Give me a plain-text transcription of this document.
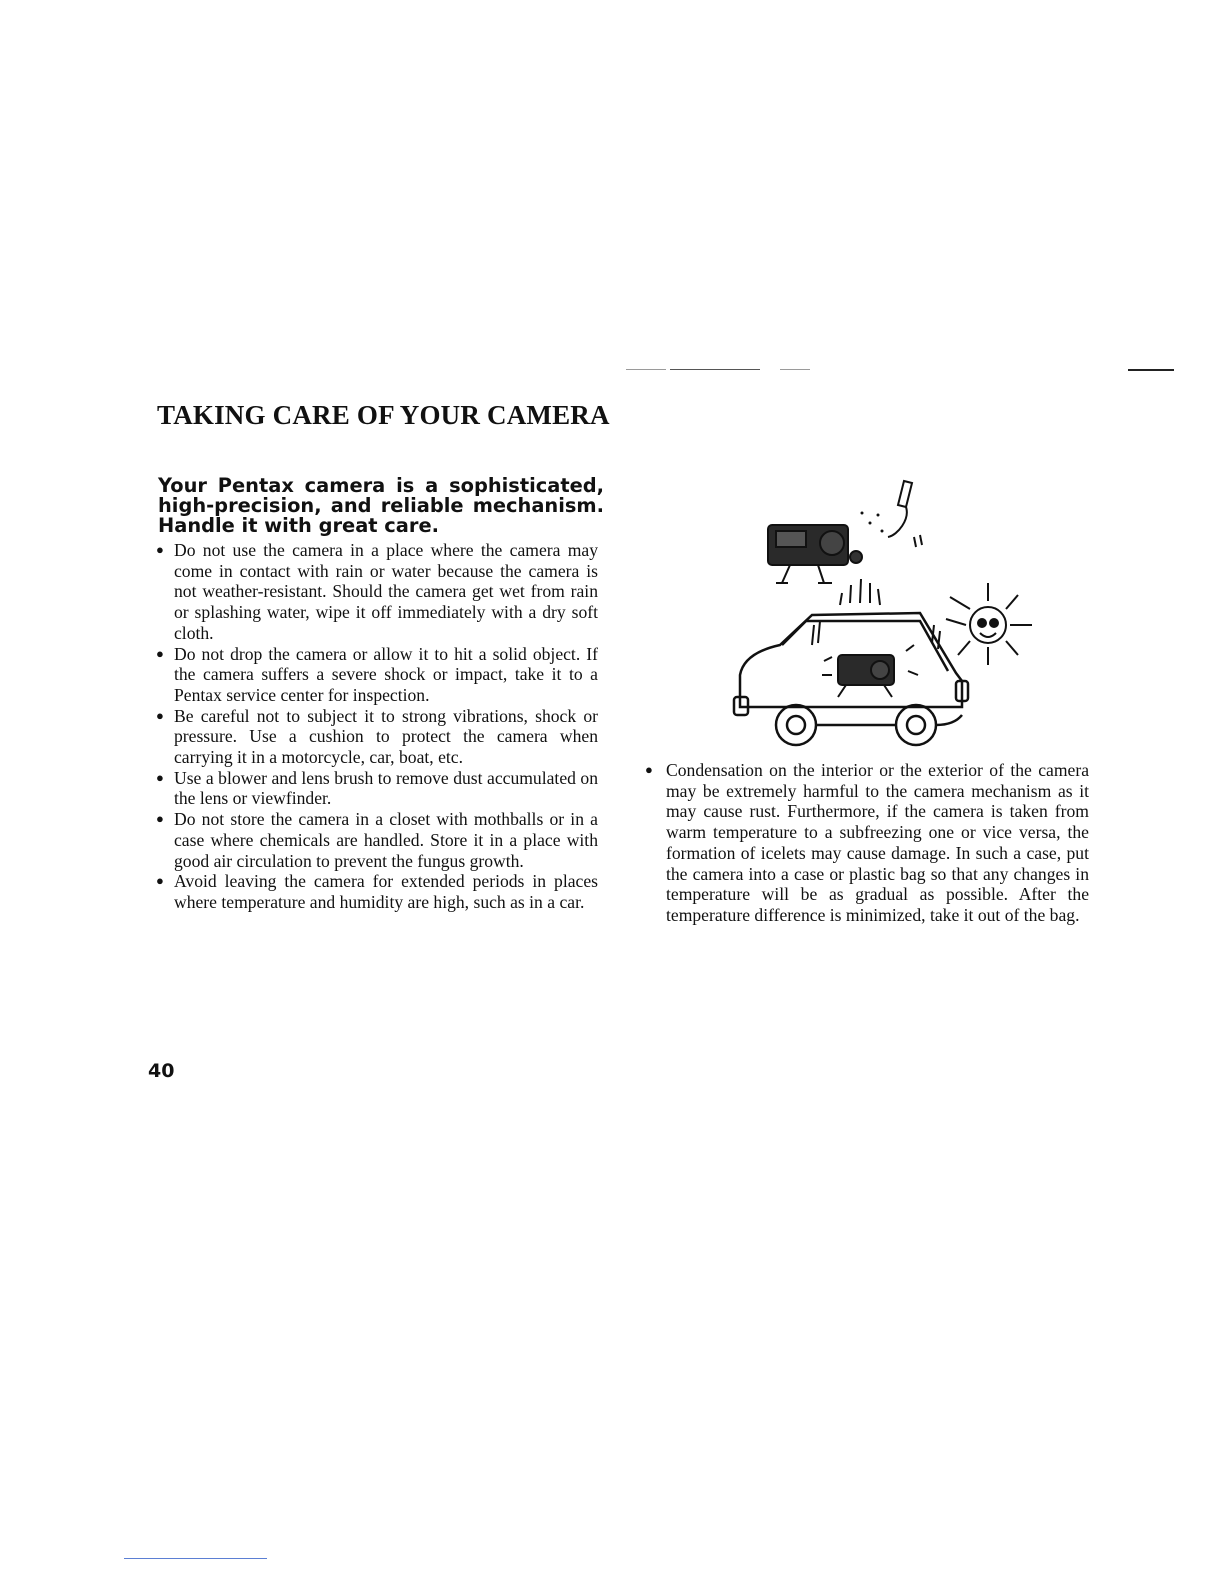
TAKING CARE OF YOUR CAMERA

Your Pentax camera is a sophisticated,
high-precision, and reliable mechanism.
Handle it with great care.

● Do not use the camera in a place where the camera may come in contact with rain or water because the camera is not weather-resistant. Should the camera get wet from rain or splashing water, wipe it off immediately with a dry soft cloth.
● Do not drop the camera or allow it to hit a solid object. If the camera suffers a severe shock or impact, take it to a Pentax service center for inspection.
● Be careful not to subject it to strong vibrations, shock or pressure. Use a cushion to protect the camera when carrying it in a motorcycle, car, boat, etc.
● Use a blower and lens brush to remove dust accumulated on the lens or viewfinder.
● Do not store the camera in a closet with mothballs or in a case where chemicals are handled. Store it in a place with good air circulation to prevent the fungus growth.
● Avoid leaving the camera for extended periods in places where temperature and humidity are high, such as in a car.
● Condensation on the interior or the exterior of the camera may be extremely harmful to the camera mechanism as it may cause rust. Furthermore, if the camera is taken from warm temperature to a subfreezing one or vice versa, the formation of icelets may cause damage. In such a case, put the camera into a case or plastic bag so that any changes in temperature will be as gradual as possible. After the temperature difference is minimized, take it out of the bag.
40
